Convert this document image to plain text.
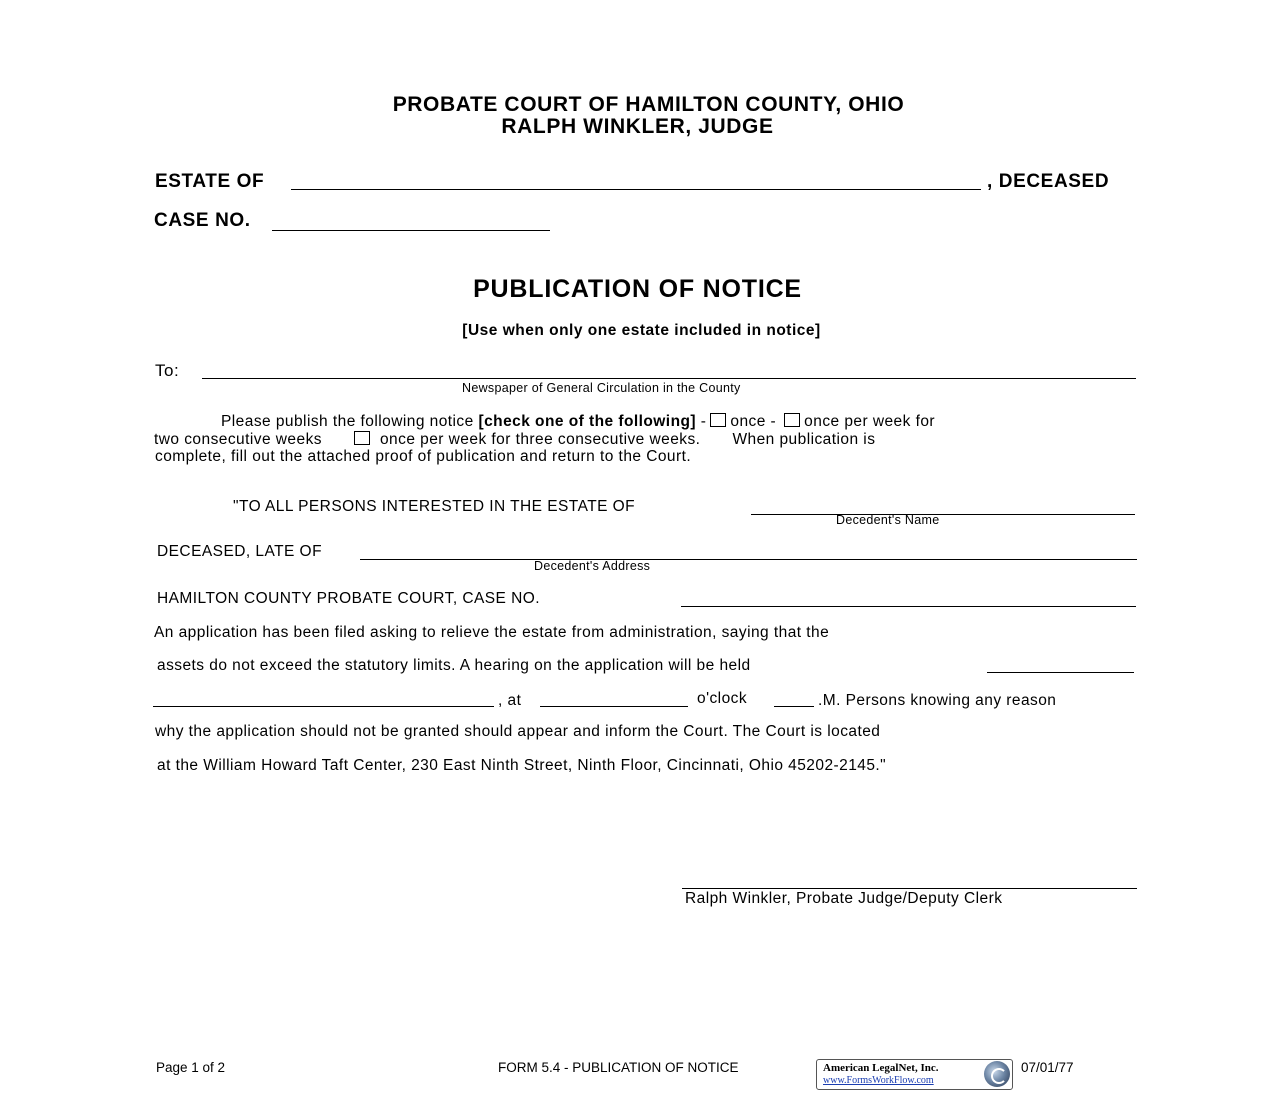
PROBATE COURT OF HAMILTON COUNTY, OHIO
RALPH WINKLER, JUDGE
ESTATE OF	, DECEASED
CASE NO.
PUBLICATION OF NOTICE
[Use when only one estate included in notice]
To:
Newspaper of General Circulation in the County
Please publish the following notice [check one of the following] - once - once per week for
two consecutive weeks	once per week for three consecutive weeks. When publication is
complete, fill out the attached proof of publication and return to the Court.
"TO ALL PERSONS INTERESTED IN THE ESTATE OF
Decedent's Name
DECEASED, LATE OF
Decedent's Address
HAMILTON COUNTY PROBATE COURT, CASE NO.
An application has been filed asking to relieve the estate from administration, saying that the
assets do not exceed the statutory limits. A hearing on the application will be held
, at	o'clock	.M. Persons knowing any reason
why the application should not be granted should appear and inform the Court. The Court is located
at the William Howard Taft Center, 230 East Ninth Street, Ninth Floor, Cincinnati, Ohio 45202-2145."
Ralph Winkler, Probate Judge/Deputy Clerk
Page 1 of 2	FORM 5.4 - PUBLICATION OF NOTICE	American LegalNet, Inc.
www.FormsWorkFlow.com
07/01/77
